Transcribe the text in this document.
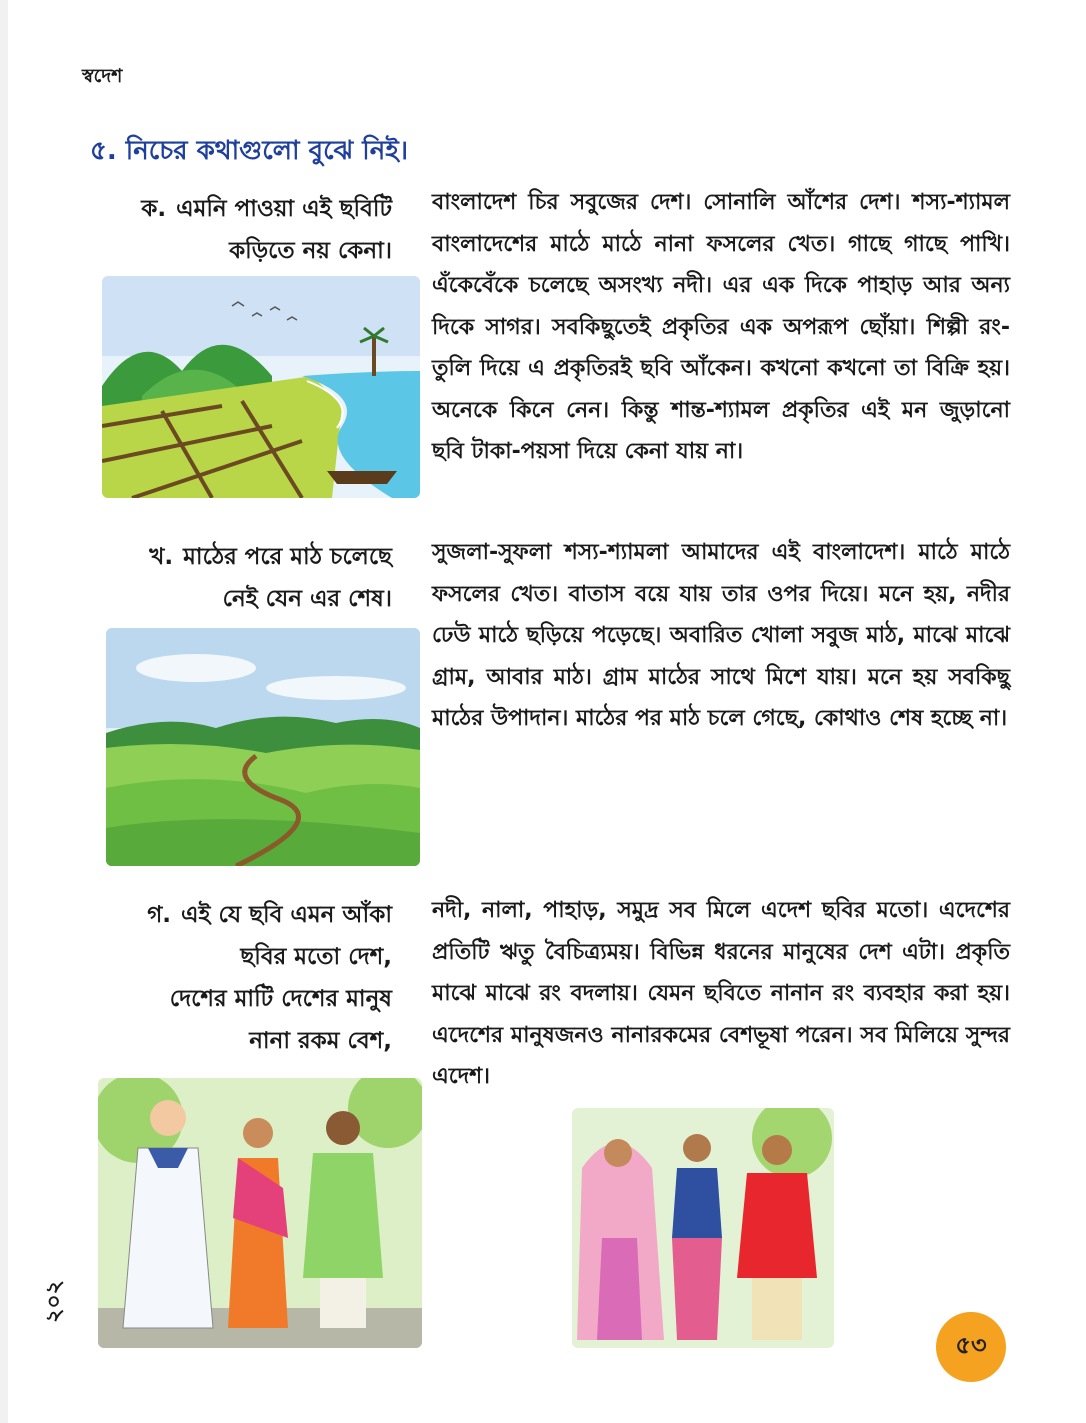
স্বদেশ
৫. নিচের কথাগুলো বুঝে নিই।
ক. এমনি পাওয়া এই ছবিটি
কড়িতে নয় কেনা।
বাংলাদেশ চির সবুজের দেশ। সোনালি আঁশের দেশ। শস্য-শ্যামল বাংলাদেশের মাঠে মাঠে নানা ফসলের খেত। গাছে গাছে পাখি। এঁকেবেঁকে চলেছে অসংখ্য নদী। এর এক দিকে পাহাড় আর অন্য দিকে সাগর। সবকিছুতেই প্রকৃতির এক অপরূপ ছোঁয়া। শিল্পী রং-তুলি দিয়ে এ প্রকৃতিরই ছবি আঁকেন। কখনো কখনো তা বিক্রি হয়। অনেকে কিনে নেন। কিন্তু শান্ত-শ্যামল প্রকৃতির এই মন জুড়ানো ছবি টাকা-পয়সা দিয়ে কেনা যায় না।
খ. মাঠের পরে মাঠ চলেছে
নেই যেন এর শেষ।
সুজলা-সুফলা শস্য-শ্যামলা আমাদের এই বাংলাদেশ। মাঠে মাঠে ফসলের খেত। বাতাস বয়ে যায় তার ওপর দিয়ে। মনে হয়, নদীর ঢেউ মাঠে ছড়িয়ে পড়েছে। অবারিত খোলা সবুজ মাঠ, মাঝে মাঝে গ্রাম, আবার মাঠ। গ্রাম মাঠের সাথে মিশে যায়। মনে হয় সবকিছু মাঠের উপাদান। মাঠের পর মাঠ চলে গেছে, কোথাও শেষ হচ্ছে না।
গ. এই যে ছবি এমন আঁকা
ছবির মতো দেশ,
দেশের মাটি দেশের মানুষ
নানা রকম বেশ,
নদী, নালা, পাহাড়, সমুদ্র সব মিলে এদেশ ছবির মতো। এদেশের প্রতিটি ঋতু বৈচিত্র্যময়। বিভিন্ন ধরনের মানুষের দেশ এটা। প্রকৃতি মাঝে মাঝে রং বদলায়। যেমন ছবিতে নানান রং ব্যবহার করা হয়। এদেশের মানুষজনও নানারকমের বেশভূষা পরেন। সব মিলিয়ে সুন্দর এদেশ।
২০২
৫৩
